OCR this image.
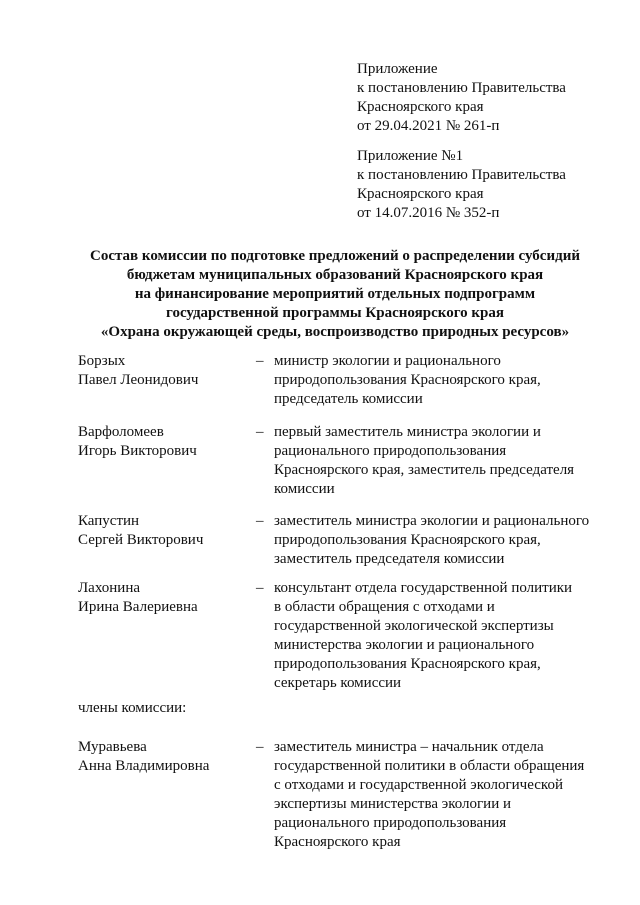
Приложение
к постановлению Правительства
Красноярского края
от 29.04.2021 № 261-п
Приложение №1
к постановлению Правительства
Красноярского края
от 14.07.2016 № 352-п
Состав комиссии по подготовке предложений о распределении субсидий
бюджетам муниципальных образований Красноярского края
на финансирование мероприятий отдельных подпрограмм
государственной программы Красноярского края
«Охрана окружающей среды, воспроизводство природных ресурсов»
Борзых
Павел Леонидович
– министр экологии и рационального
природопользования Красноярского края,
председатель комиссии
Варфоломеев
Игорь Викторович
– первый заместитель министра экологии и
рационального природопользования
Красноярского края, заместитель председателя
комиссии
Капустин
Сергей Викторович
– заместитель министра экологии и рационального
природопользования Красноярского края,
заместитель председателя комиссии
Лахонина
Ирина Валериевна
– консультант отдела государственной политики
в области обращения с отходами и
государственной экологической экспертизы
министерства экологии и рационального
природопользования Красноярского края,
секретарь комиссии
члены комиссии:
Муравьева
Анна Владимировна
– заместитель министра – начальник отдела
государственной политики в области обращения
с отходами и государственной экологической
экспертизы министерства экологии и
рационального природопользования
Красноярского края
